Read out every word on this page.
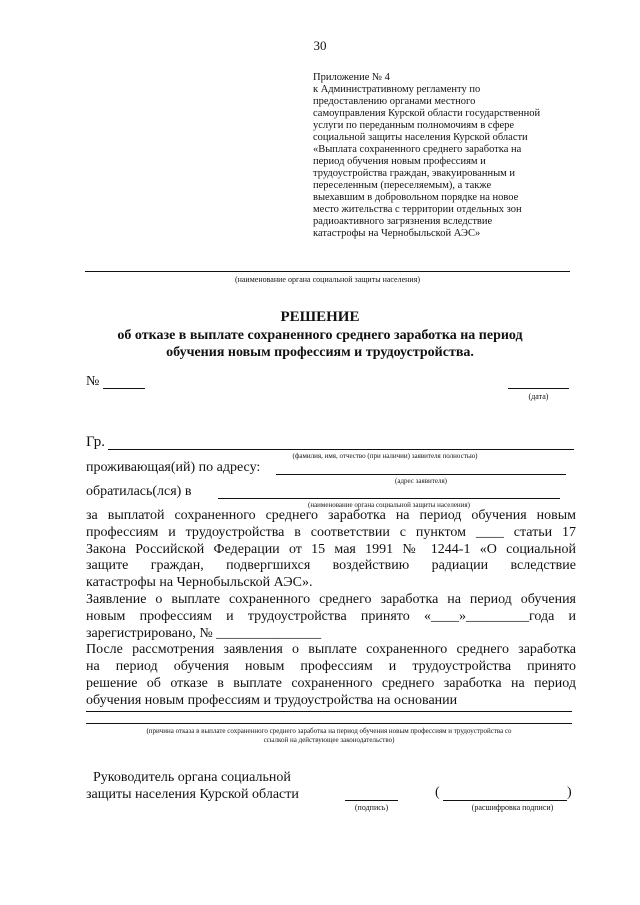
30
Приложение № 4
к Административному регламенту по
предоставлению органами местного
самоуправления Курской области государственной
услуги по переданным полномочиям в сфере
социальной защиты населения Курской области
«Выплата сохраненного среднего заработка на
период обучения новым профессиям и
трудоустройства граждан, эвакуированным и
переселенным (переселяемым), а также
выехавшим в добровольном порядке на новое
место жительства с территории отдельных зон
радиоактивного загрязнения вследствие
катастрофы на Чернобыльской АЭС»
(наименование органа социальной защиты населения)
РЕШЕНИЕ
об отказе в выплате сохраненного среднего заработка на период
обучения новым профессиям и трудоустройства.
№
(дата)
Гр.
(фамилия, имя, отчество (при наличии) заявителя полностью)
проживающая(ий) по адресу:
(адрес заявителя)
обратилась(лся) в
(наименование органа социальной защиты населения)
за выплатой сохраненного среднего заработка на период обучения новым
профессиям и трудоустройства в соответствии с пунктом ____ статьи 17
Закона Российской Федерации от 15 мая 1991 № 1244-1 «О социальной
защите граждан, подвергшихся воздействию радиации вследствие
катастрофы на Чернобыльской АЭС».
Заявление о выплате сохраненного среднего заработка на период обучения
новым профессиям и трудоустройства принято «____»_________года и
зарегистрировано, № _______________
После рассмотрения заявления о выплате сохраненного среднего заработка
на период обучения новым профессиям и трудоустройства принято
решение об отказе в выплате сохраненного среднего заработка на период
обучения новым профессиям и трудоустройства на основании
(причина отказа в выплате сохраненного среднего заработка на период обучения новым профессиям и трудоустройства со
ссылкой на действующее законодательство)
Руководитель органа социальной
защиты населения Курской области
(подпись)
(	)
(расшифровка подписи)
